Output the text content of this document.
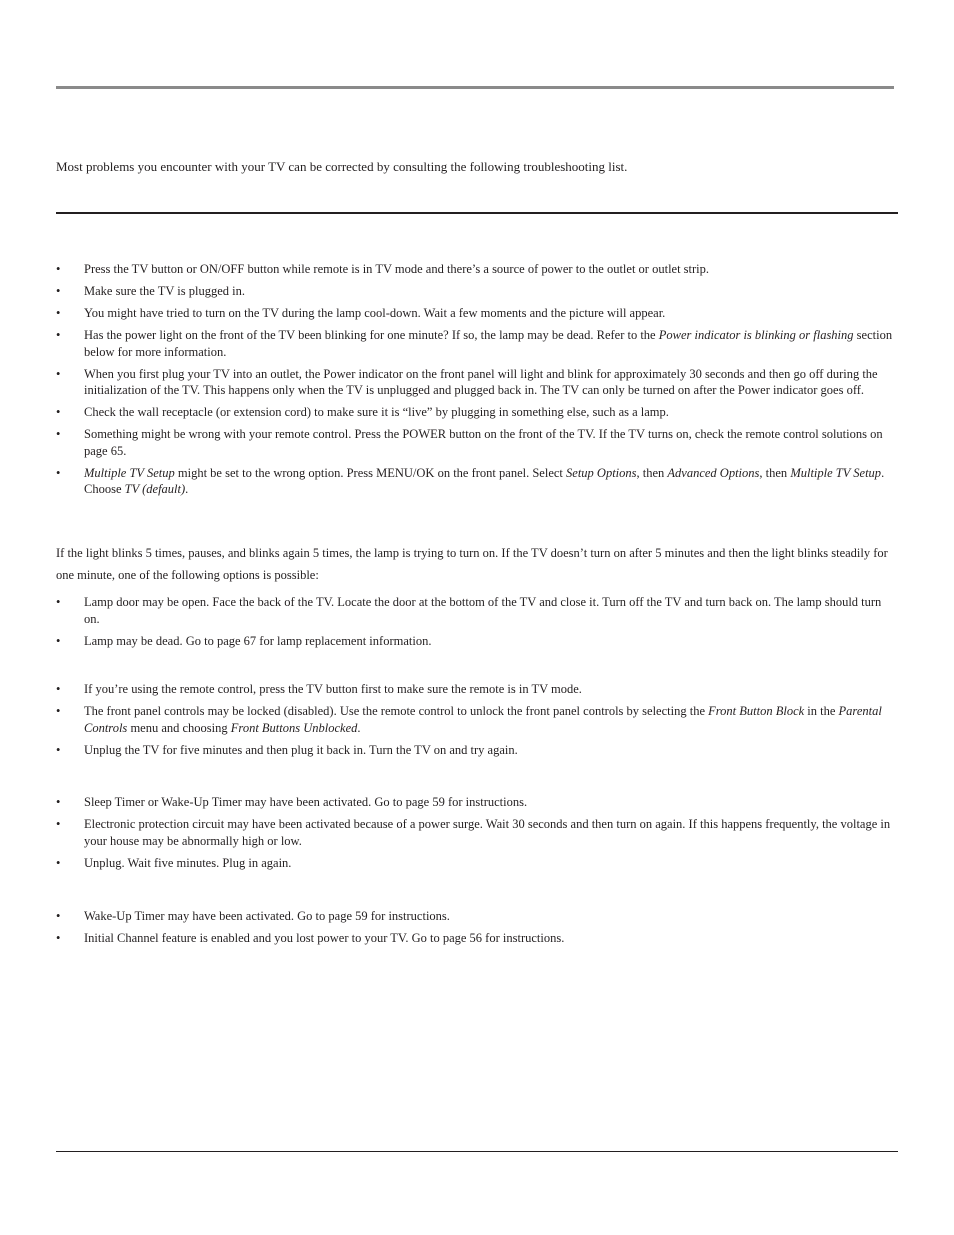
Most problems you encounter with your TV can be corrected by consulting the following troubleshooting list.

• Press the TV button or ON/OFF button while remote is in TV mode and there’s a source of power to the outlet or outlet strip.
• Make sure the TV is plugged in.
• You might have tried to turn on the TV during the lamp cool-down. Wait a few moments and the picture will appear.
• Has the power light on the front of the TV been blinking for one minute? If so, the lamp may be dead. Refer to the Power indicator is blinking or flashing section below for more information.
• When you first plug your TV into an outlet, the Power indicator on the front panel will light and blink for approximately 30 seconds and then go off during the initialization of the TV. This happens only when the TV is unplugged and plugged back in. The TV can only be turned on after the Power indicator goes off.
• Check the wall receptacle (or extension cord) to make sure it is “live” by plugging in something else, such as a lamp.
• Something might be wrong with your remote control. Press the POWER button on the front of the TV. If the TV turns on, check the remote control solutions on page 65.
• Multiple TV Setup might be set to the wrong option. Press MENU/OK on the front panel. Select Setup Options, then Advanced Options, then Multiple TV Setup. Choose TV (default).

If the light blinks 5 times, pauses, and blinks again 5 times, the lamp is trying to turn on. If the TV doesn’t turn on after 5 minutes and then the light blinks steadily for one minute, one of the following options is possible:

• Lamp door may be open. Face the back of the TV. Locate the door at the bottom of the TV and close it. Turn off the TV and turn back on. The lamp should turn on.
• Lamp may be dead. Go to page 67 for lamp replacement information.
• If you’re using the remote control, press the TV button first to make sure the remote is in TV mode.
• The front panel controls may be locked (disabled). Use the remote control to unlock the front panel controls by selecting the Front Button Block in the Parental Controls menu and choosing Front Buttons Unblocked.
• Unplug the TV for five minutes and then plug it back in. Turn the TV on and try again.
• Sleep Timer or Wake-Up Timer may have been activated. Go to page 59 for instructions.
• Electronic protection circuit may have been activated because of a power surge. Wait 30 seconds and then turn on again. If this happens frequently, the voltage in your house may be abnormally high or low.
• Unplug. Wait five minutes. Plug in again.
• Wake-Up Timer may have been activated. Go to page 59 for instructions.
• Initial Channel feature is enabled and you lost power to your TV. Go to page 56 for instructions.
